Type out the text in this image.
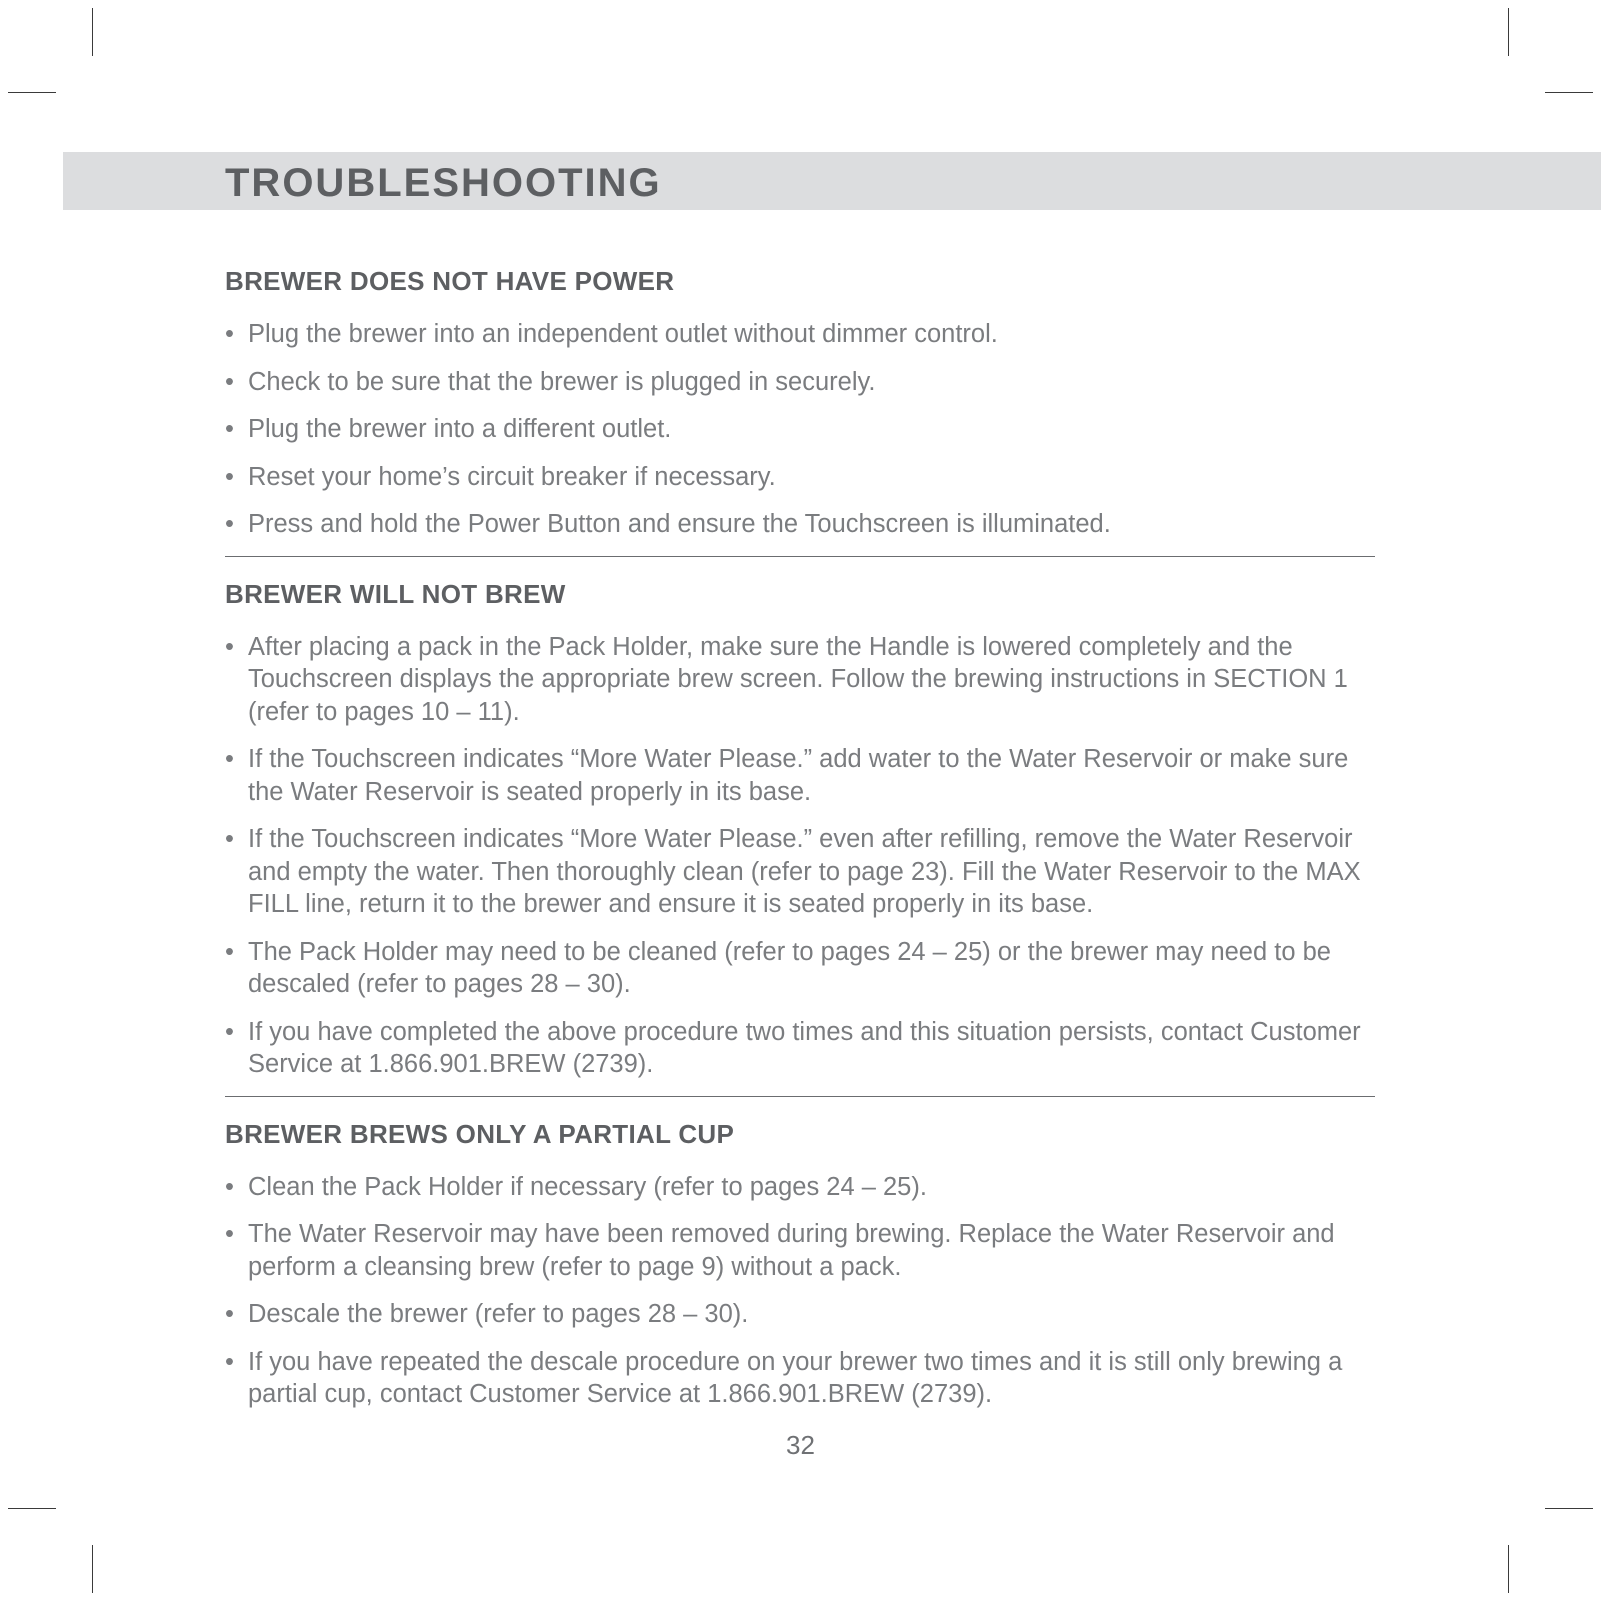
TROUBLESHOOTING
BREWER DOES NOT HAVE POWER
• Plug the brewer into an independent outlet without dimmer control.
• Check to be sure that the brewer is plugged in securely.
• Plug the brewer into a different outlet.
• Reset your home’s circuit breaker if necessary.
• Press and hold the Power Button and ensure the Touchscreen is illuminated.
BREWER WILL NOT BREW
• After placing a pack in the Pack Holder, make sure the Handle is lowered completely and the Touchscreen displays the appropriate brew screen. Follow the brewing instructions in SECTION 1 (refer to pages 10 – 11).
• If the Touchscreen indicates “More Water Please.” add water to the Water Reservoir or make sure the Water Reservoir is seated properly in its base.
• If the Touchscreen indicates “More Water Please.” even after refilling, remove the Water Reservoir and empty the water. Then thoroughly clean (refer to page 23). Fill the Water Reservoir to the MAX FILL line, return it to the brewer and ensure it is seated properly in its base.
• The Pack Holder may need to be cleaned (refer to pages 24 – 25) or the brewer may need to be descaled (refer to pages 28 – 30).
• If you have completed the above procedure two times and this situation persists, contact Customer Service at 1.866.901.BREW (2739).
BREWER BREWS ONLY A PARTIAL CUP
• Clean the Pack Holder if necessary (refer to pages 24 – 25).
• The Water Reservoir may have been removed during brewing. Replace the Water Reservoir and perform a cleansing brew (refer to page 9) without a pack.
• Descale the brewer (refer to pages 28 – 30).
• If you have repeated the descale procedure on your brewer two times and it is still only brewing a partial cup, contact Customer Service at 1.866.901.BREW (2739).
32
